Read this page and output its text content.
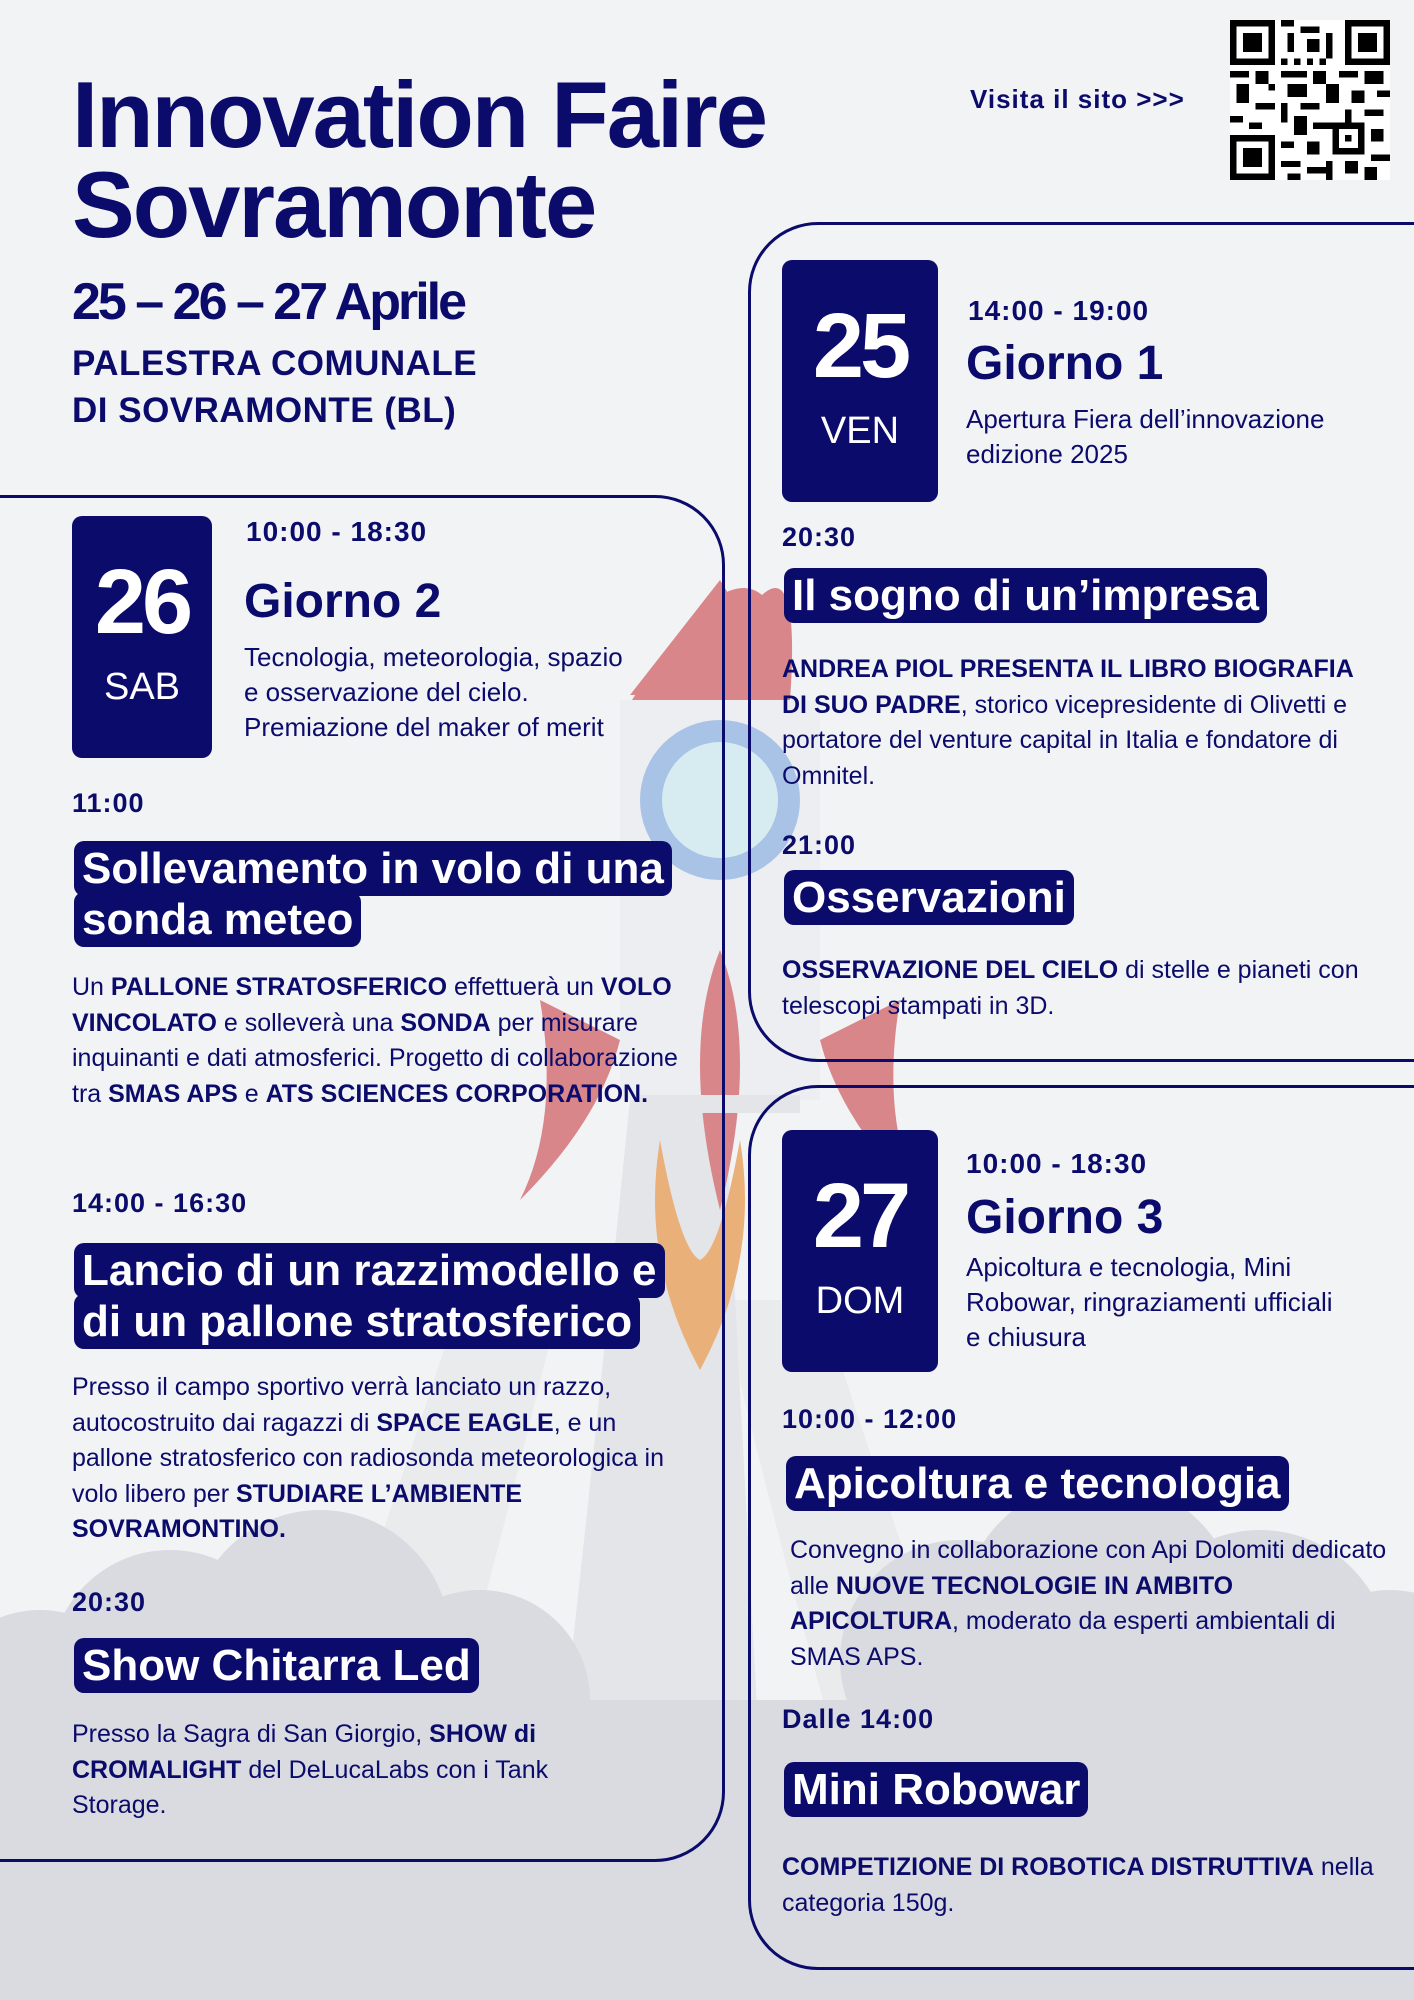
Innovation Faire
Sovramonte
25 – 26 – 27 Aprile
PALESTRA COMUNALE
DI SOVRAMONTE (BL)
Visita il sito >>>
25
VEN
14:00 - 19:00
Giorno 1
Apertura Fiera dell’innovazione
edizione 2025
20:30
Il sogno di un’impresa
ANDREA PIOL PRESENTA IL LIBRO BIOGRAFIA DI SUO PADRE, storico vicepresidente di Olivetti e portatore del venture capital in Italia e fondatore di Omnitel.
21:00
Osservazioni
OSSERVAZIONE DEL CIELO di stelle e pianeti con telescopi stampati in 3D.
26
SAB
10:00 - 18:30
Giorno 2
Tecnologia, meteorologia, spazio
e osservazione del cielo.
Premiazione del maker of merit
11:00
Sollevamento in volo di una sonda meteo
Un PALLONE STRATOSFERICO effettuerà un VOLO VINCOLATO e solleverà una SONDA per misurare inquinanti e dati atmosferici. Progetto di collaborazione tra SMAS APS e ATS SCIENCES CORPORATION.
14:00 - 16:30
Lancio di un razzimodello e di un pallone stratosferico
Presso il campo sportivo verrà lanciato un razzo, autocostruito dai ragazzi di SPACE EAGLE, e un pallone stratosferico con radiosonda meteorologica in volo libero per STUDIARE L’AMBIENTE SOVRAMONTINO.
20:30
Show Chitarra Led
Presso la Sagra di San Giorgio, SHOW di CROMALIGHT del DeLucaLabs con i Tank Storage.
27
DOM
10:00 - 18:30
Giorno 3
Apicoltura e tecnologia, Mini
Robowar, ringraziamenti ufficiali
e chiusura
10:00 - 12:00
Apicoltura e tecnologia
Convegno in collaborazione con Api Dolomiti dedicato alle NUOVE TECNOLOGIE IN AMBITO APICOLTURA, moderato da esperti ambientali di SMAS APS.
Dalle 14:00
Mini Robowar
COMPETIZIONE DI ROBOTICA DISTRUTTIVA nella categoria 150g.
